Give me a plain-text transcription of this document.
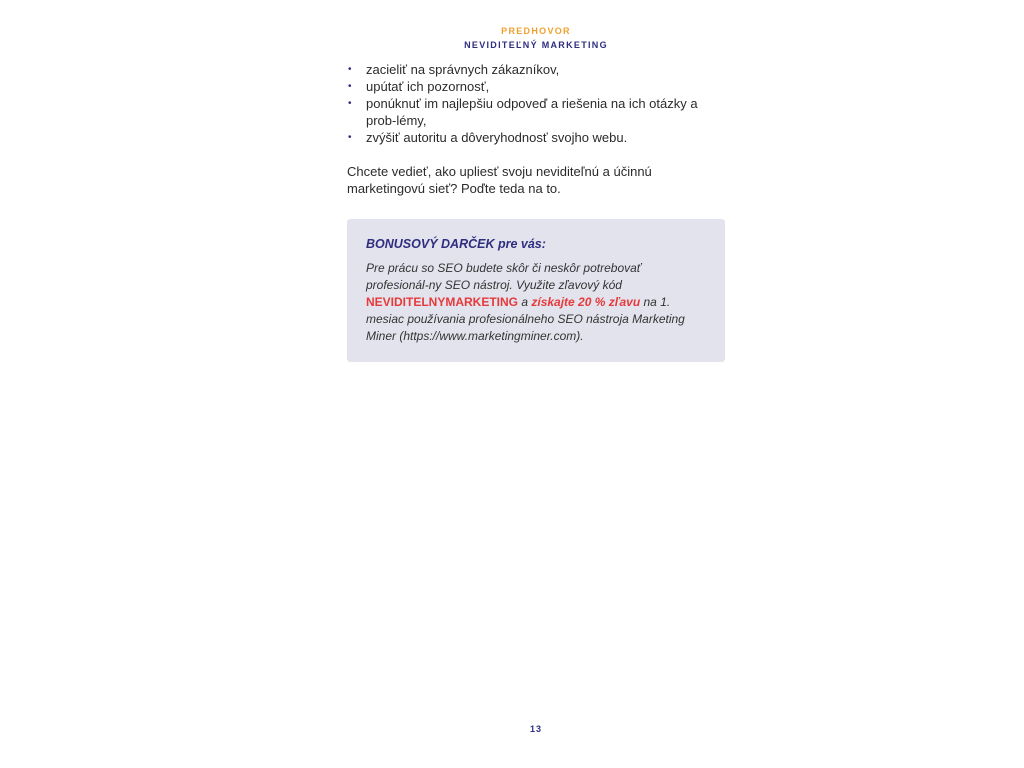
PREDHOVOR
NEVIDITEĽNÝ MARKETING
• zacieliť na správnych zákazníkov,
• upútať ich pozornosť,
• ponúknuť im najlepšiu odpoveď a riešenia na ich otázky a prob-lémy,
• zvýšiť autoritu a dôveryhodnosť svojho webu.

Chcete vedieť, ako upliesť svoju neviditeľnú a účinnú marketingovú sieť? Poďte teda na to.

BONUSOVÝ DARČEK pre vás:
Pre prácu so SEO budete skôr či neskôr potrebovať profesionál-ny SEO nástroj. Využite zľavový kód NEVIDITELNYMARKETING a získajte 20 % zľavu na 1. mesiac používania profesionálneho SEO nástroja Marketing Miner (https://www.marketingminer.com).
13
